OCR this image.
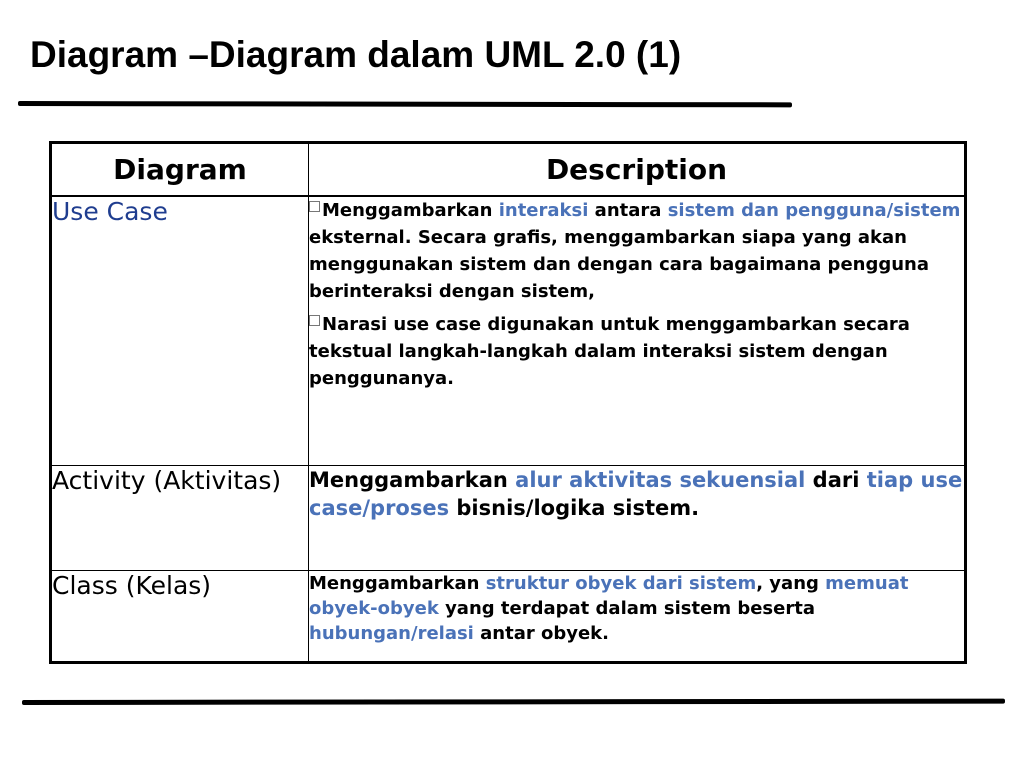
Diagram –Diagram dalam UML 2.0 (1)
Diagram	Description
Use Case	Menggambarkan interaksi antara sistem dan pengguna/sistem eksternal. Secara grafis, menggambarkan siapa yang akan menggunakan sistem dan dengan cara bagaimana pengguna berinteraksi dengan sistem,

Narasi use case digunakan untuk menggambarkan secara tekstual langkah-langkah dalam interaksi sistem dengan penggunanya.

Activity (Aktivitas)	Menggambarkan alur aktivitas sekuensial dari tiap use case/proses bisnis/logika sistem.

Class (Kelas)	Menggambarkan struktur obyek dari sistem, yang memuat obyek-obyek yang terdapat dalam sistem beserta hubungan/relasi antar obyek.
